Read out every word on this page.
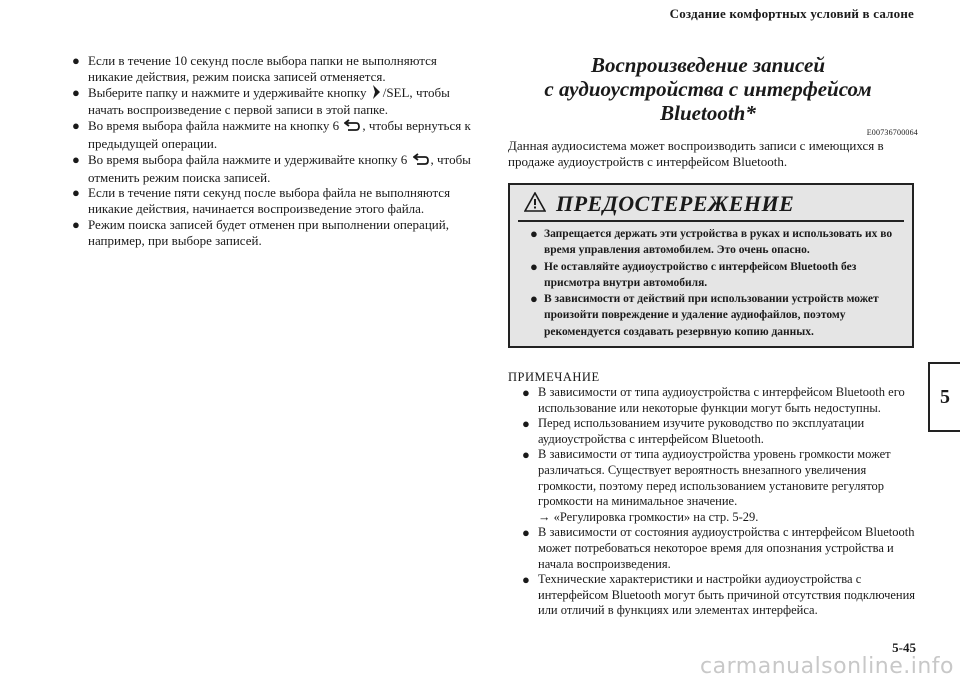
Создание комфортных условий в салоне

● Если в течение 10 секунд после выбора папки не выполняются никакие действия, режим поиска записей отменяется.

● Выберите папку и нажмите и удерживайте кнопку /SEL, чтобы начать воспроизведение с первой записи в этой папке.

● Во время выбора файла нажмите на кнопку 6 , чтобы вернуться к предыдущей операции.

● Во время выбора файла нажмите и удерживайте кнопку 6 , чтобы отменить режим поиска записей.

● Если в течение пяти секунд после выбора файла не выполняются никакие действия, начинается воспроизведение этого файла.

● Режим поиска записей будет отменен при выполнении операций, например, при выборе записей.

Воспроизведение записей
с аудиоустройства с интерфейсом
Bluetooth*
E00736700064
Данная аудиосистема может воспроизводить записи с имеющихся в продаже аудиоустройств с интерфейсом Bluetooth.
ПРЕДОСТЕРЕЖЕНИЕ

● Запрещается держать эти устройства в руках и использовать их во время управления автомобилем. Это очень опасно.

● Не оставляйте аудиоустройство с интерфейсом Bluetooth без присмотра внутри автомобиля.

● В зависимости от действий при использовании устройств может произойти повреждение и удаление аудиофайлов, поэтому рекомендуется создавать резервную копию данных.

ПРИМЕЧАНИЕ

● В зависимости от типа аудиоустройства с интерфейсом Bluetooth его использование или некоторые функции могут быть недоступны.

● Перед использованием изучите руководство по эксплуатации аудиоустройства с интерфейсом Bluetooth.

● В зависимости от типа аудиоустройства уровень громкости может различаться. Существует вероятность внезапного увеличения громкости, поэтому перед использованием установите регулятор громкости на минимальное значение.
→ «Регулировка громкости» на стр. 5-29.

● В зависимости от состояния аудиоустройства с интерфейсом Bluetooth может потребоваться некоторое время для опознания устройства и начала воспроизведения.

● Технические характеристики и настройки аудиоустройства с интерфейсом Bluetooth могут быть причиной отсутствия подключения или отличий в функциях или элементах интерфейса.

5
5-45
carmanualsonline.info
